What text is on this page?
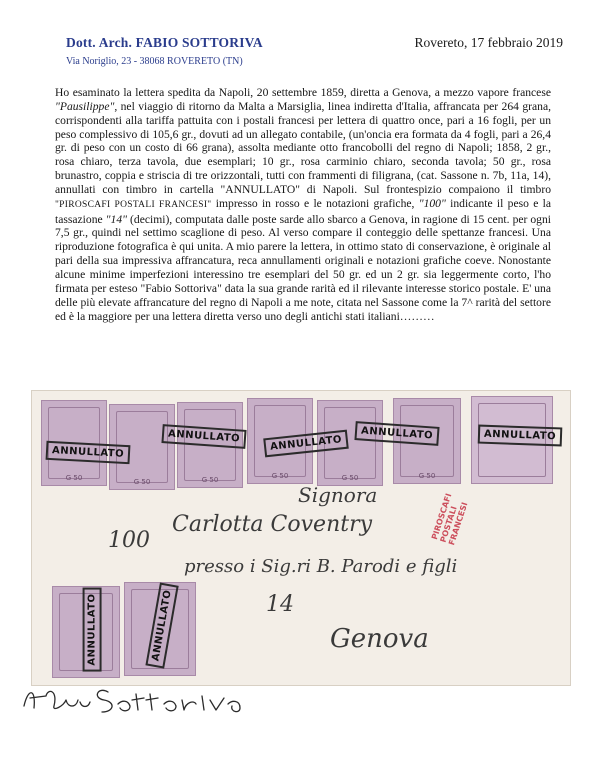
Dott. Arch. FABIO SOTTORIVA
Via Noriglio, 23 - 38068 ROVERETO (TN)
Rovereto, 17 febbraio 2019

Ho esaminato la lettera spedita da Napoli, 20 settembre 1859, diretta a Genova, a mezzo vapore francese "Pausilippe", nel viaggio di ritorno da Malta a Marsiglia, linea indiretta d'Italia, affrancata per 264 grana, corrispondenti alla tariffa pattuita con i postali francesi per lettera di quattro once, pari a 16 fogli, per un peso complessivo di 105,6 gr., dovuti ad un allegato contabile, (un'oncia era formata da 4 fogli, pari a 26,4 gr. di peso con un costo di 66 grana), assolta mediante otto francobolli del regno di Napoli; 1858, 2 gr., rosa chiaro, terza tavola, due esemplari; 10 gr., rosa carminio chiaro, seconda tavola; 50 gr., rosa brunastro, coppia e striscia di tre orizzontali, tutti con frammenti di filigrana, (cat. Sassone n. 7b, 11a, 14), annullati con timbro in cartella "ANNULLATO" di Napoli. Sul frontespizio compaiono il timbro "PIROSCAFI POSTALI FRANCESI" impresso in rosso e le notazioni grafiche, "100" indicante il peso e la tassazione "14" (decimi), computata dalle poste sarde allo sbarco a Genova, in ragione di 15 cent. per ogni 7,5 gr., quindi nel settimo scaglione di peso. Al verso compare il conteggio delle spettanze francesi. Una riproduzione fotografica è qui unita. A mio parere la lettera, in ottimo stato di conservazione, è originale al pari della sua impressiva affrancatura, reca annullamenti originali e notazioni grafiche coeve. Nonostante alcune minime imperfezioni interessino tre esemplari del 50 gr. ed un 2 gr. sia leggermente corto, l'ho firmata per esteso "Fabio Sottoriva" data la sua grande rarità ed il rilevante interesse storico postale. E' una delle più elevate affrancature del regno di Napoli a me note, citata nel Sassone come la 7^ rarità del settore ed è la maggiore per una lettera diretta verso uno degli antichi stati italiani………

G 50	G 50	G 50	G 50	G 50	G 50
ANNULLATO
ANNULLATO	ANNULLATO
ANNULLATO	ANNULLATO
ANNULLATO	ANNULLATO
PIROSCAFI POSTALI FRANCESI
100
Signora
Carlotta Coventry
presso i Sig.ri B. Parodi e figli
14
Genova
